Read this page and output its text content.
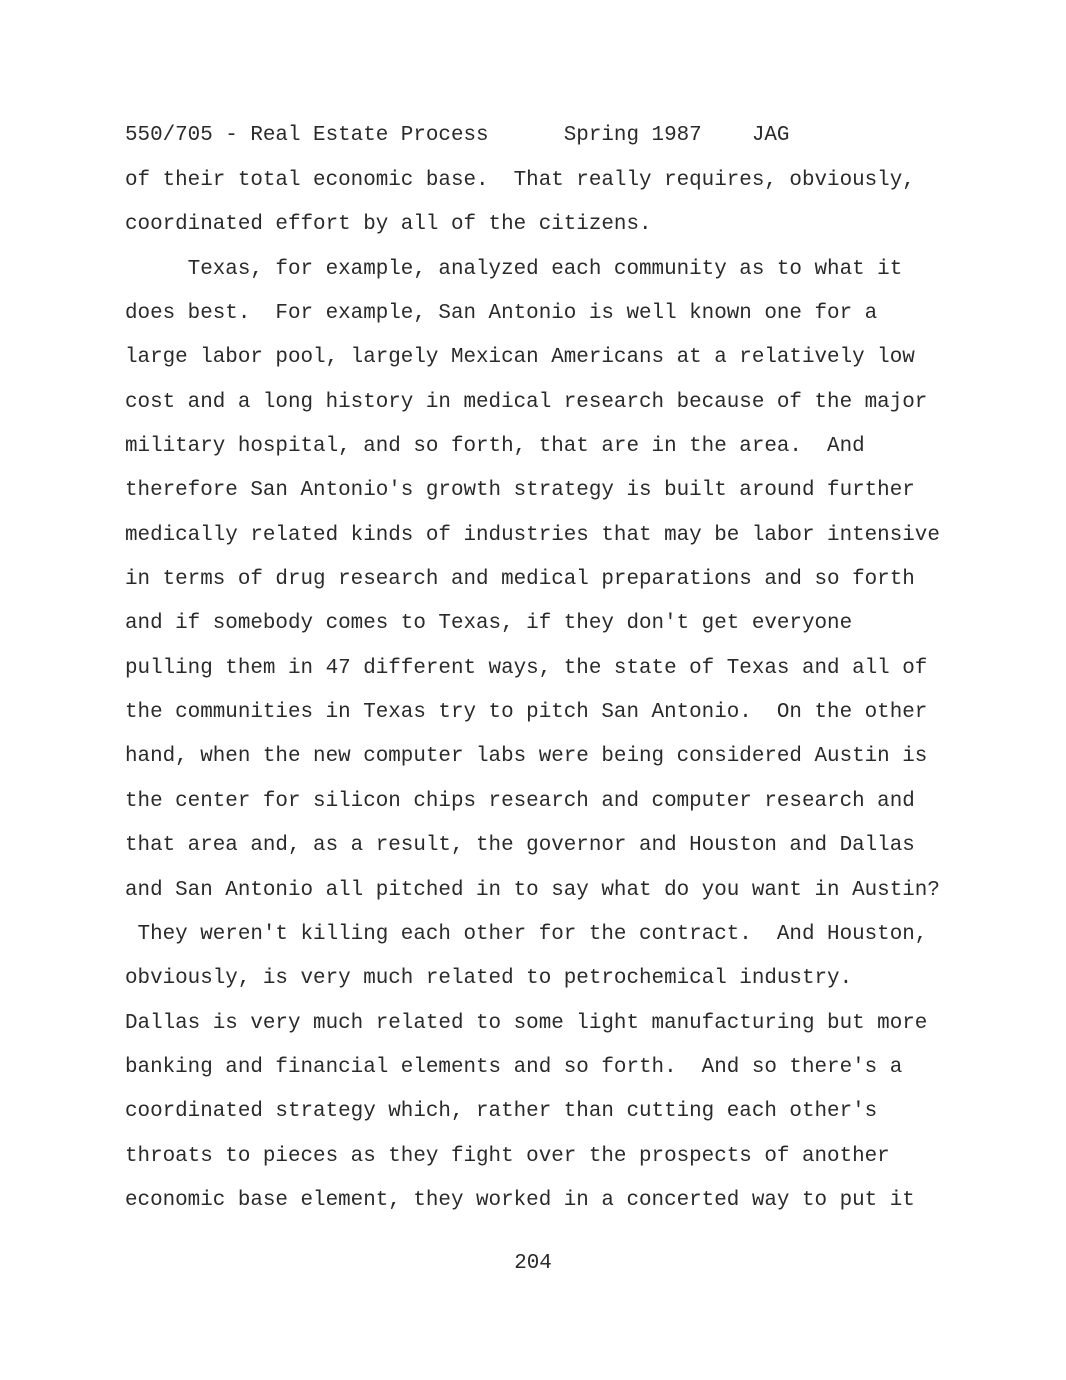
550/705 - Real Estate Process      Spring 1987    JAG
of their total economic base.  That really requires, obviously,
coordinated effort by all of the citizens.
Texas, for example, analyzed each community as to what it
does best.  For example, San Antonio is well known one for a
large labor pool, largely Mexican Americans at a relatively low
cost and a long history in medical research because of the major
military hospital, and so forth, that are in the area.  And
therefore San Antonio's growth strategy is built around further
medically related kinds of industries that may be labor intensive
in terms of drug research and medical preparations and so forth
and if somebody comes to Texas, if they don't get everyone
pulling them in 47 different ways, the state of Texas and all of
the communities in Texas try to pitch San Antonio.  On the other
hand, when the new computer labs were being considered Austin is
the center for silicon chips research and computer research and
that area and, as a result, the governor and Houston and Dallas
and San Antonio all pitched in to say what do you want in Austin?
They weren't killing each other for the contract.  And Houston,
obviously, is very much related to petrochemical industry.
Dallas is very much related to some light manufacturing but more
banking and financial elements and so forth.  And so there's a
coordinated strategy which, rather than cutting each other's
throats to pieces as they fight over the prospects of another
economic base element, they worked in a concerted way to put it
204
